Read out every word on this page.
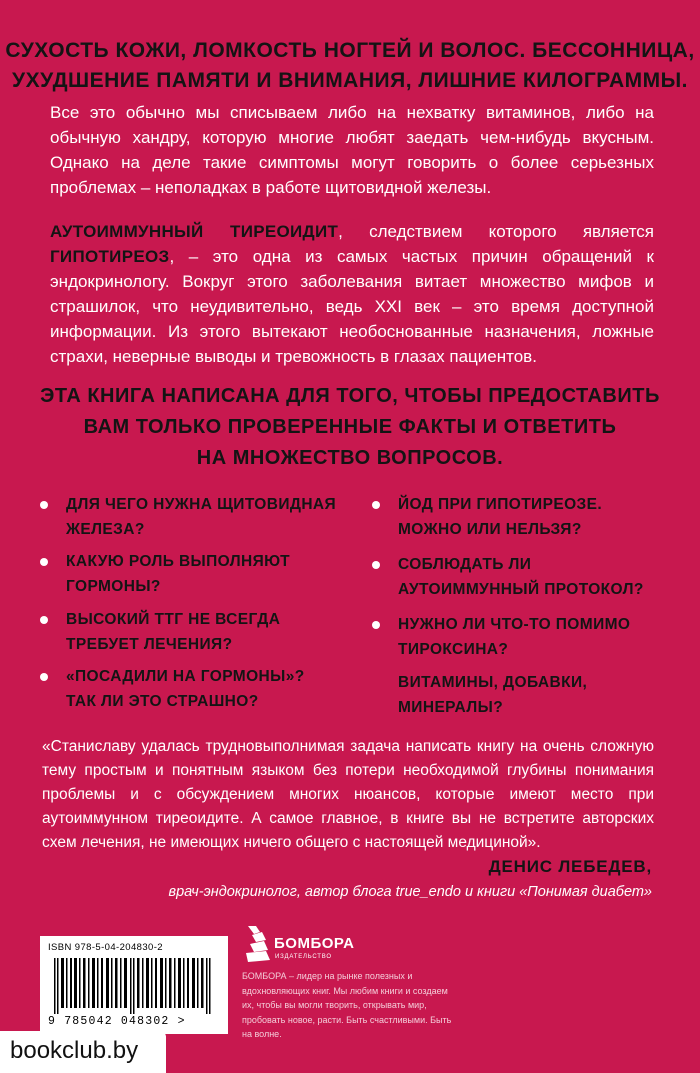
СУХОСТЬ КОЖИ, ЛОМКОСТЬ НОГТЕЙ И ВОЛОС. БЕССОННИЦА,
УХУДШЕНИЕ ПАМЯТИ И ВНИМАНИЯ, ЛИШНИЕ КИЛОГРАММЫ.
Все это обычно мы списываем либо на нехватку витаминов, либо на обычную хандру, которую многие любят заедать чем-нибудь вкусным. Однако на деле такие симптомы могут говорить о более серьезных проблемах – неполадках в работе щитовидной железы.
АУТОИММУННЫЙ ТИРЕОИДИТ, следствием которого является ГИПОТИРЕОЗ, – это одна из самых частых причин обращений к эндокринологу. Вокруг этого заболевания витает множество мифов и страшилок, что неудивительно, ведь XXI век – это время доступной информации. Из этого вытекают необоснованные назначения, ложные страхи, неверные выводы и тревожность в глазах пациентов.
ЭТА КНИГА НАПИСАНА ДЛЯ ТОГО, ЧТОБЫ ПРЕДОСТАВИТЬ
ВАМ ТОЛЬКО ПРОВЕРЕННЫЕ ФАКТЫ И ОТВЕТИТЬ
НА МНОЖЕСТВО ВОПРОСОВ.
ДЛЯ ЧЕГО НУЖНА ЩИТОВИДНАЯ
ЖЕЛЕЗА?
КАКУЮ РОЛЬ ВЫПОЛНЯЮТ
ГОРМОНЫ?
ВЫСОКИЙ ТТГ НЕ ВСЕГДА
ТРЕБУЕТ ЛЕЧЕНИЯ?
«ПОСАДИЛИ НА ГОРМОНЫ»?
ТАК ЛИ ЭТО СТРАШНО?
ЙОД ПРИ ГИПОТИРЕОЗЕ.
МОЖНО ИЛИ НЕЛЬЗЯ?
СОБЛЮДАТЬ ЛИ
АУТОИММУННЫЙ ПРОТОКОЛ?
НУЖНО ЛИ ЧТО-ТО ПОМИМО
ТИРОКСИНА?
ВИТАМИНЫ, ДОБАВКИ,
МИНЕРАЛЫ?
«Станиславу удалась трудновыполнимая задача написать книгу на очень сложную тему простым и понятным языком без потери необходимой глубины понимания проблемы и с обсуждением многих нюансов, которые имеют место при аутоиммунном тиреоидите. А самое главное, в книге вы не встретите авторских схем лечения, не имеющих ничего общего с настоящей медициной».
ДЕНИС ЛЕБЕДЕВ,
врач-эндокринолог, автор блога true_endo и книги «Понимая диабет»
ISBN 978-5-04-204830-2
9 785042 048302 >
БОМБОРА
ИЗДАТЕЛЬСТВО
БОМБОРА – лидер на рынке полезных и вдохновляющих книг. Мы любим книги и создаем их, чтобы вы могли творить, открывать мир, пробовать новое, расти. Быть счастливыми. Быть на волне.
bookclub.by
